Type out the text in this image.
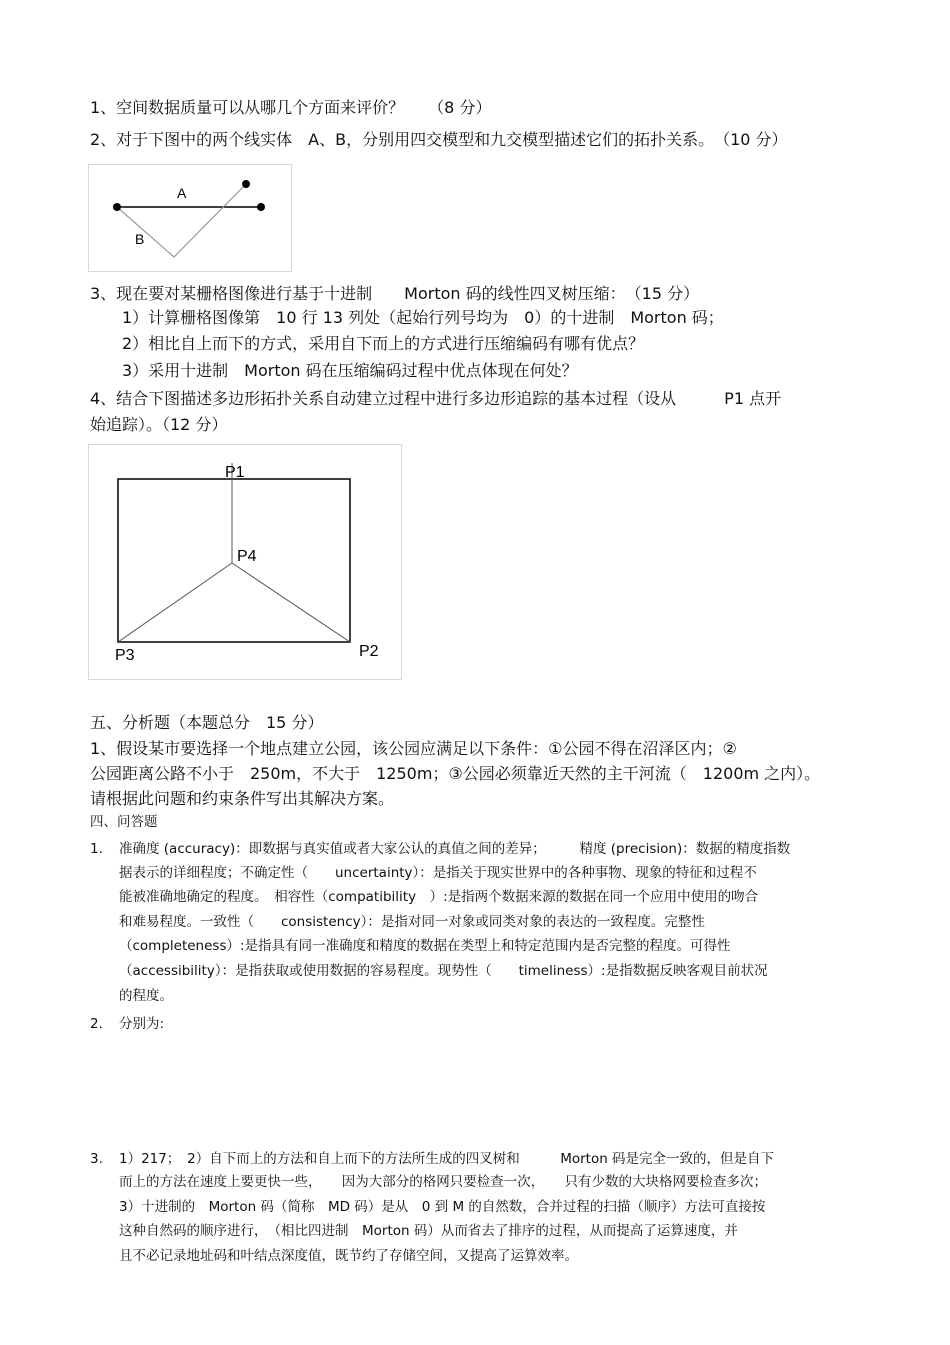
1、空间数据质量可以从哪几个方面来评价？　　（8 分）
2、对于下图中的两个线实体　A、B，分别用四交模型和九交模型描述它们的拓扑关系。　（10 分）
A
B
3、现在要对某栅格图像进行基于十进制　　Morton 码的线性四叉树压缩：　（15 分）
1）计算栅格图像第　10 行 13 列处（起始行列号均为　0）的十进制　Morton 码；
2）相比自上而下的方式，采用自下而上的方式进行压缩编码有哪有优点？
3）采用十进制　Morton 码在压缩编码过程中优点体现在何处？
4、结合下图描述多边形拓扑关系自动建立过程中进行多边形追踪的基本过程（设从　　　P1 点开
始追踪）。（12 分）
P1
P4
P3	P2
五、分析题（本题总分　15 分）
1、假设某市要选择一个地点建立公园，该公园应满足以下条件：①公园不得在沼泽区内；②
公园距离公路不小于　250m，不大于　1250m；③公园必须靠近天然的主干河流（　1200m 之内）。
请根据此问题和约束条件写出其解决方案。
四、问答题
1. 准确度 (accuracy)：即数据与真实值或者大家公认的真值之间的差异；　　　精度 (precision)：数据的精度指数
据表示的详细程度；不确定性（　　uncertainty）：是指关于现实世界中的各种事物、现象的特征和过程不
能被准确地确定的程度。　相容性（compatibility　）:是指两个数据来源的数据在同一个应用中使用的吻合
和难易程度。一致性（　　consistency）：是指对同一对象或同类对象的表达的一致程度。完整性
（completeness）:是指具有同一准确度和精度的数据在类型上和特定范围内是否完整的程度。可得性
（accessibility）：是指获取或使用数据的容易程度。现势性（　　timeliness）:是指数据反映客观目前状况
的程度。
2. 分别为:
3. 1）217；　2）自下而上的方法和自上而下的方法所生成的四叉树和　　　Morton 码是完全一致的，但是自下
而上的方法在速度上要更快一些，　　因为大部分的格网只要检查一次，　　只有少数的大块格网要检查多次；
3）十进制的　Morton 码（简称　MD 码）是从　0 到 M 的自然数，合并过程的扫描（顺序）方法可直接按
这种自然码的顺序进行，　（相比四进制　Morton 码）从而省去了排序的过程，从而提高了运算速度，并
且不必记录地址码和叶结点深度值，既节约了存储空间，又提高了运算效率。
